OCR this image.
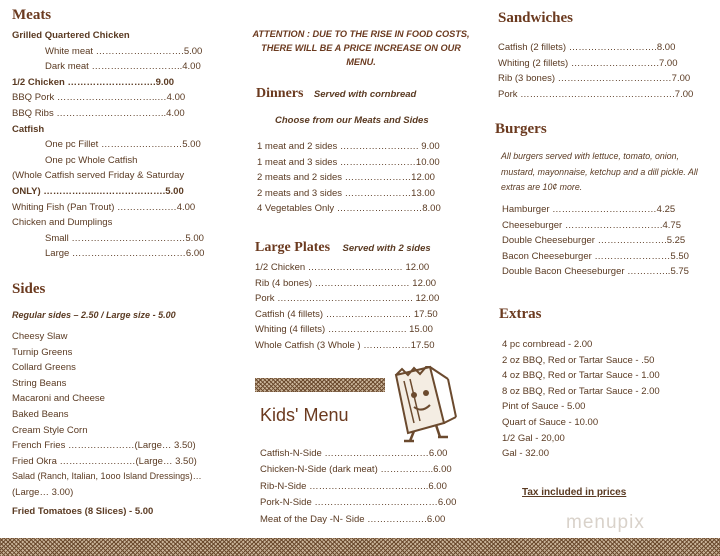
Meats
Grilled Quartered Chicken
White meat ……………………….5.00
Dark meat ………………………..4.00
1/2 Chicken ……………………….9.00
BBQ Pork …………………………..…4.00
BBQ Ribs ……………………………..4.00
Catfish
One pc Fillet ………….…….……5.00
One pc Whole Catfish
(Whole Catfish served Friday & Saturday
ONLY) ……………..………………….5.00
Whiting Fish (Pan Trout) …………….…4.00
Chicken and Dumplings
Small ………………………………5.00
Large ………………………………6.00
Sides
Regular sides – 2.50 / Large size - 5.00
Cheesy Slaw
Turnip Greens
Collard Greens
String Beans
Macaroni and Cheese
Baked Beans
Cream Style Corn
French Fries …………………(Large… 3.50)
Fried Okra ……………………(Large… 3.50)
Salad (Ranch, Italian, 1ooo Island Dressings)…
(Large… 3.00)
Fried Tomatoes (8 Slices) - 5.00
ATTENTION : DUE TO THE RISE IN FOOD COSTS, THERE WILL BE A PRICE INCREASE ON OUR MENU.
Dinners Served with cornbread
Choose from our Meats and Sides
1 meat and 2 sides ……………………. 9.00
1 meat and 3 sides ……………………10.00
2 meats and 2 sides …………………12.00
2 meats and 3 sides …………………13.00
4 Vegetables Only ………………………8.00
Large Plates Served with 2 sides
1/2 Chicken ………………………… 12.00
Rib (4 bones) ………………………… 12.00
Pork ……………………………………. 12.00
Catfish (4 fillets) ……………………… 17.50
Whiting (4 fillets) ……………………. 15.00
Whole Catfish (3 Whole ) ……………17.50
Kids' Menu
Catfish-N-Side ……………………………6.00
Chicken-N-Side (dark meat) ……………..6.00
Rib-N-Side ………………………………..6.00
Pork-N-Side …………………………………6.00
Meat of the Day -N- Side ……………….6.00
Sandwiches
Catfish (2 fillets) ……………………….8.00
Whiting (2 fillets) ……………………….7.00
Rib (3 bones) ………………………………7.00
Pork ………………………………………….7.00
Burgers
All burgers served with lettuce, tomato, onion, mustard, mayonnaise, ketchup and a dill pickle. All extras are 10¢ more.
Hamburger ……………………………4.25
Cheeseburger ………………………….4.75
Double Cheeseburger ………………….5.25
Bacon Cheeseburger ……………………5.50
Double Bacon Cheeseburger …………..5.75
Extras
4 pc cornbread - 2.00
2 oz BBQ, Red or Tartar Sauce - .50
4 oz BBQ, Red or Tartar Sauce - 1.00
8 oz BBQ, Red or Tartar Sauce - 2.00
Pint of Sauce - 5.00
Quart of Sauce - 10.00
1/2 Gal - 20,00
Gal - 32.00
Tax included in prices
menupix
